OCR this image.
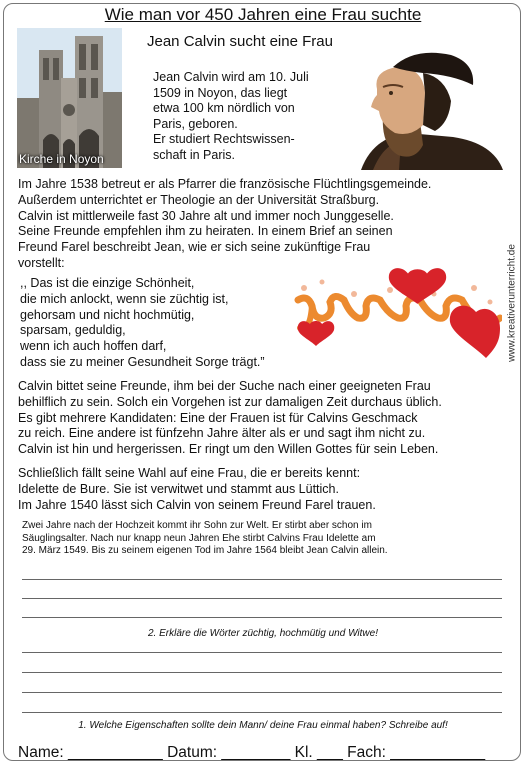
Wie man vor 450 Jahren eine Frau suchte
Jean Calvin sucht eine Frau
Kirche in Noyon
Jean Calvin wird am 10. Juli
1509 in Noyon, das liegt
etwa 100 km nördlich von
Paris, geboren.
Er studiert Rechtswissen-
schaft in Paris.
Im Jahre 1538 betreut er als Pfarrer die französische Flüchtlingsgemeinde.
Außerdem unterrichtet er Theologie an der Universität Straßburg.
Calvin ist mittlerweile fast 30 Jahre alt und immer noch Junggeselle.
Seine Freunde empfehlen ihm zu heiraten. In einem Brief an seinen
Freund Farel beschreibt Jean, wie er sich seine zukünftige Frau
vorstellt:
,, Das ist die einzige Schönheit,
die mich anlockt, wenn sie züchtig ist,
gehorsam und nicht hochmütig,
sparsam, geduldig,
wenn ich auch hoffen darf,
dass sie zu meiner Gesundheit Sorge trägt.”
Calvin bittet seine Freunde, ihm bei der Suche nach einer geeigneten Frau
behilflich zu sein. Solch ein Vorgehen ist zur damaligen Zeit durchaus üblich.
Es gibt mehrere Kandidaten: Eine der Frauen ist für Calvins Geschmack
zu reich. Eine andere ist fünfzehn Jahre älter als er und sagt ihm nicht zu.
Calvin ist hin und hergerissen. Er ringt um den Willen Gottes für sein Leben.
Schließlich fällt seine Wahl auf eine Frau, die er bereits kennt:
Idelette de Bure. Sie ist verwitwet und stammt aus Lüttich.
Im Jahre 1540 lässt sich Calvin von seinem Freund Farel trauen.
Zwei Jahre nach der Hochzeit kommt ihr Sohn zur Welt. Er stirbt aber schon im
Säuglingsalter. Nach nur knapp neun Jahren Ehe stirbt Calvins Frau Idelette am
29. März 1549. Bis zu seinem eigenen Tod im Jahre 1564 bleibt Jean Calvin allein.
2. Erkläre die Wörter züchtig, hochmütig und Witwe!
1. Welche Eigenschaften sollte dein Mann/ deine Frau einmal haben? Schreibe auf!
Name: ___________ Datum: ________ Kl. ___ Fach: ___________
www.kreativerunterricht.de
